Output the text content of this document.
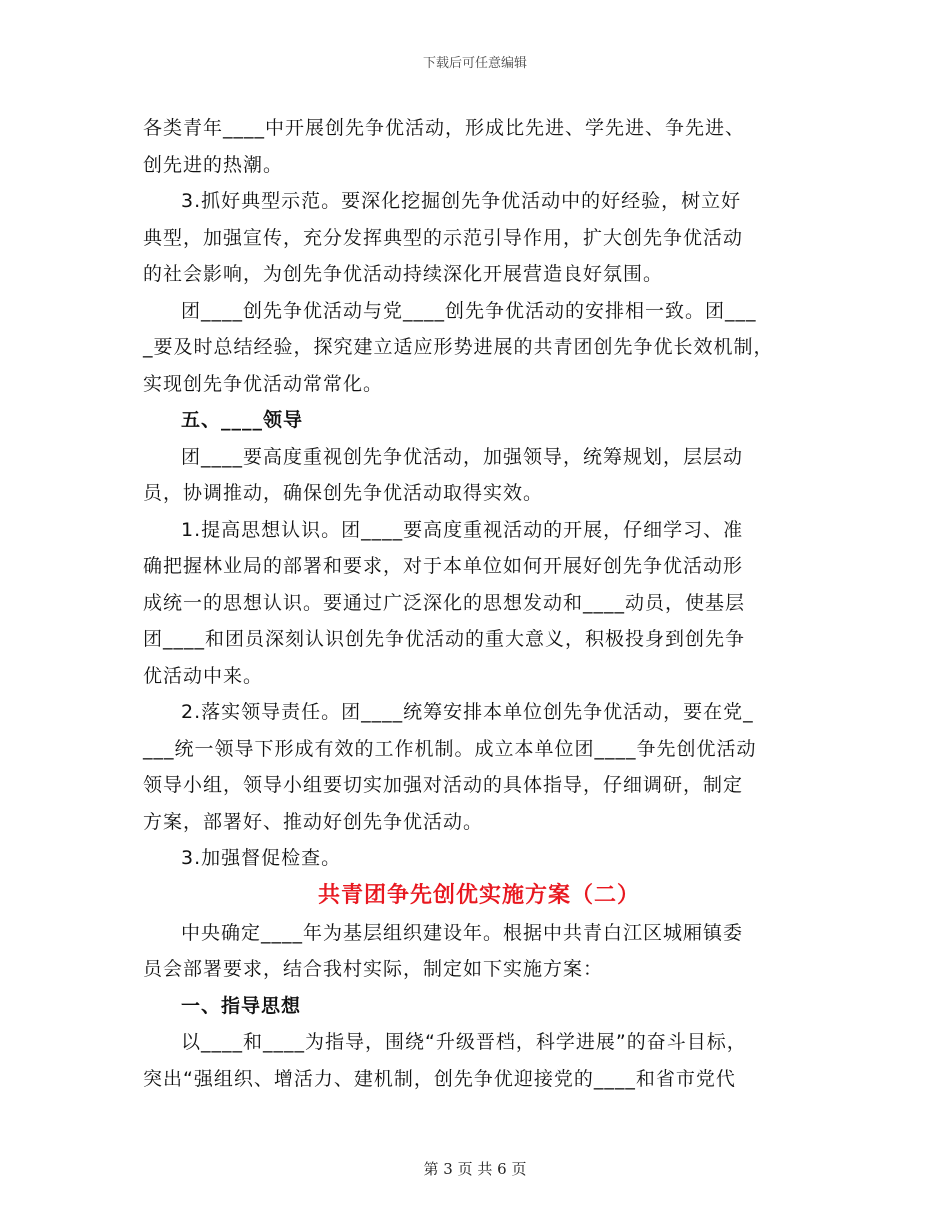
下载后可任意编辑

各类青年____中开展创先争优活动，形成比先进、学先进、争先进、

创先进的热潮。

3.抓好典型示范。要深化挖掘创先争优活动中的好经验，树立好

典型，加强宣传，充分发挥典型的示范引导作用，扩大创先争优活动

的社会影响，为创先争优活动持续深化开展营造良好氛围。

团____创先争优活动与党____创先争优活动的安排相一致。团___

_要及时总结经验，探究建立适应形势进展的共青团创先争优长效机制，

实现创先争优活动常常化。

五、____领导

团____要高度重视创先争优活动，加强领导，统筹规划，层层动

员，协调推动，确保创先争优活动取得实效。

1.提高思想认识。团____要高度重视活动的开展，仔细学习、准

确把握林业局的部署和要求，对于本单位如何开展好创先争优活动形

成统一的思想认识。要通过广泛深化的思想发动和____动员，使基层

团____和团员深刻认识创先争优活动的重大意义，积极投身到创先争

优活动中来。

2.落实领导责任。团____统筹安排本单位创先争优活动，要在党_

___统一领导下形成有效的工作机制。成立本单位团____争先创优活动

领导小组，领导小组要切实加强对活动的具体指导，仔细调研，制定

方案，部署好、推动好创先争优活动。

3.加强督促检查。

共青团争先创优实施方案（二）

中央确定____年为基层组织建设年。根据中共青白江区城厢镇委

员会部署要求，结合我村实际，制定如下实施方案：

一、指导思想

以____和____为指导，围绕“升级晋档，科学进展”的奋斗目标，

突出“强组织、增活力、建机制，创先争优迎接党的____和省市党代

第 3 页 共 6 页
